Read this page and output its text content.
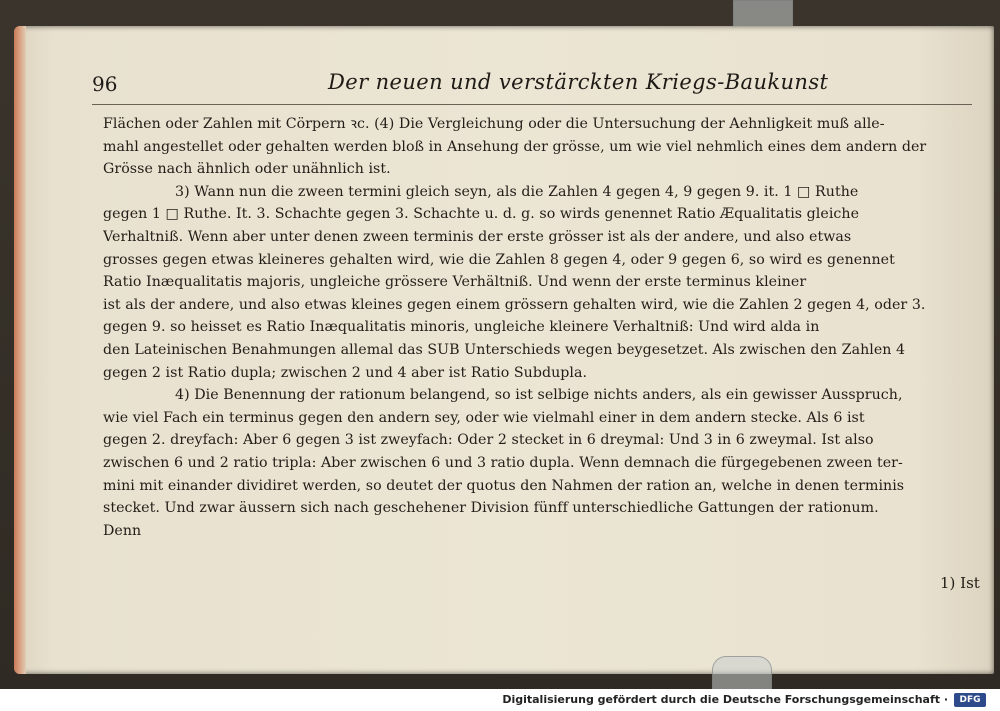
96	Der neuen und verstärckten Kriegs-Baukunst
Flächen oder Zahlen mit Cörpern ꝛc. (4) Die Vergleichung oder die Untersuchung der Aehnligkeit muß alle-
mahl angestellet oder gehalten werden bloß in Ansehung der grösse, um wie viel nehmlich eines dem andern der
Grösse nach ähnlich oder unähnlich ist.
3) Wann nun die zween termini gleich seyn, als die Zahlen 4 gegen 4, 9 gegen 9. it. 1 □ Ruthe
gegen 1 □ Ruthe. It. 3. Schachte gegen 3. Schachte u. d. g. so wirds genennet Ratio Æqualitatis gleiche
Verhaltniß. Wenn aber unter denen zween terminis der erste grösser ist als der andere, und also etwas
grosses gegen etwas kleineres gehalten wird, wie die Zahlen 8 gegen 4, oder 9 gegen 6, so wird es genennet
Ratio Inæqualitatis majoris, ungleiche grössere Verhältniß. Und wenn der erste terminus kleiner
ist als der andere, und also etwas kleines gegen einem grössern gehalten wird, wie die Zahlen 2 gegen 4, oder 3.
gegen 9. so heisset es Ratio Inæqualitatis minoris, ungleiche kleinere Verhaltniß: Und wird alda in
den Lateinischen Benahmungen allemal das SUB Unterschieds wegen beygesetzet. Als zwischen den Zahlen 4
gegen 2 ist Ratio dupla; zwischen 2 und 4 aber ist Ratio Subdupla.
4) Die Benennung der rationum belangend, so ist selbige nichts anders, als ein gewisser Ausspruch,
wie viel Fach ein terminus gegen den andern sey, oder wie vielmahl einer in dem andern stecke. Als 6 ist
gegen 2. dreyfach: Aber 6 gegen 3 ist zweyfach: Oder 2 stecket in 6 dreymal: Und 3 in 6 zweymal. Ist also
zwischen 6 und 2 ratio tripla: Aber zwischen 6 und 3 ratio dupla. Wenn demnach die fürgegebenen zween ter-
mini mit einander dividiret werden, so deutet der quotus den Nahmen der ration an, welche in denen terminis
stecket. Und zwar äussern sich nach geschehener Division fünff unterschiedliche Gattungen der rationum.
Denn
1) Ist
Digitalisierung gefördert durch die Deutsche Forschungsgemeinschaft ·	DFG
